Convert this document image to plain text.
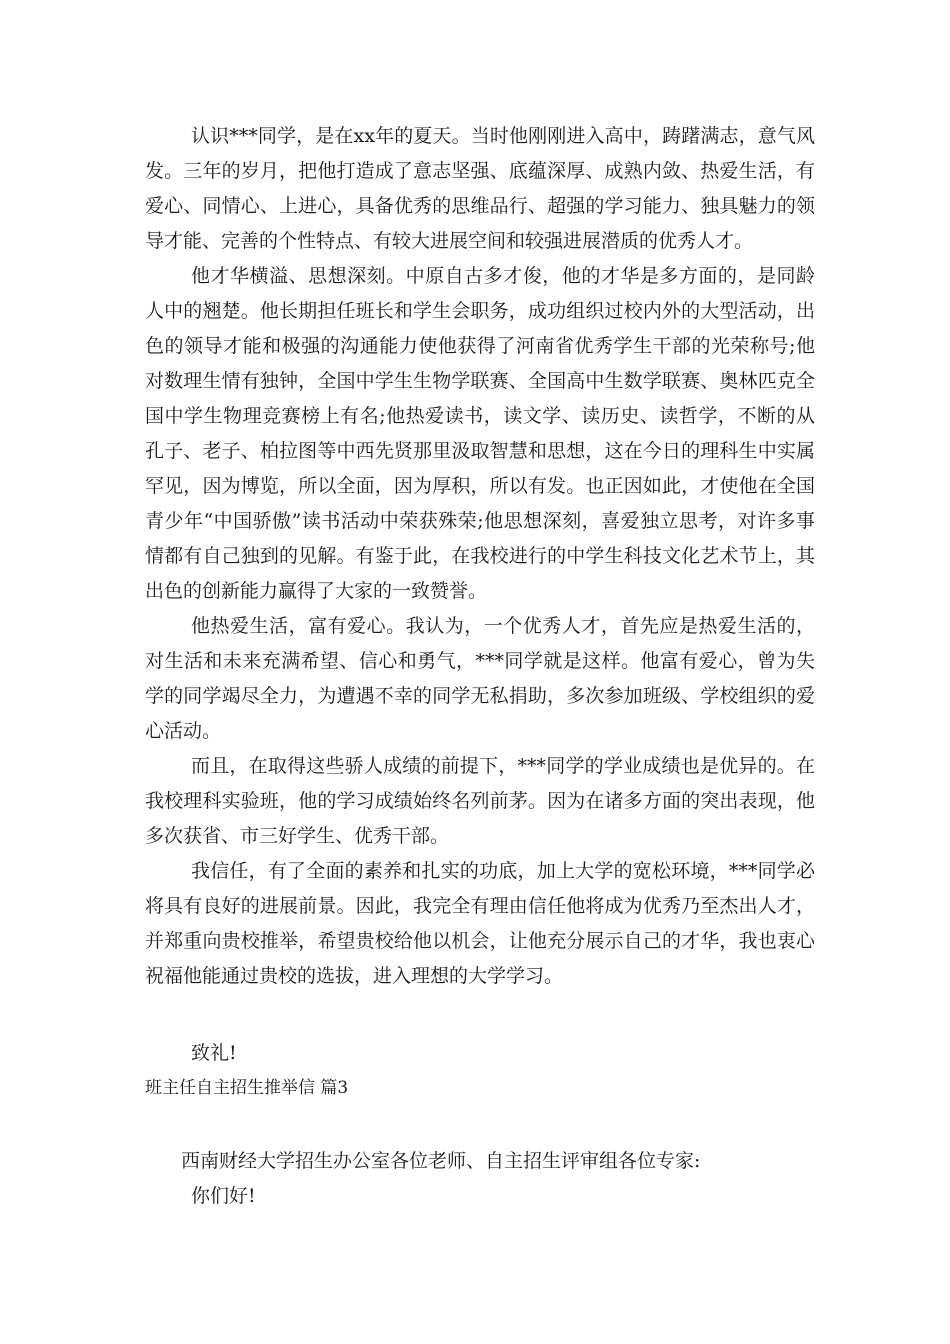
认识***同学，是在xx年的夏天。当时他刚刚进入高中，踌躇满志，意气风发。三年的岁月，把他打造成了意志坚强、底蕴深厚、成熟内敛、热爱生活，有爱心、同情心、上进心，具备优秀的思维品行、超强的学习能力、独具魅力的领导才能、完善的个性特点、有较大进展空间和较强进展潜质的优秀人才。

他才华横溢、思想深刻。中原自古多才俊，他的才华是多方面的，是同龄人中的翘楚。他长期担任班长和学生会职务，成功组织过校内外的大型活动，出色的领导才能和极强的沟通能力使他获得了河南省优秀学生干部的光荣称号;他对数理生情有独钟，全国中学生生物学联赛、全国高中生数学联赛、奥林匹克全国中学生物理竞赛榜上有名;他热爱读书，读文学、读历史、读哲学，不断的从孔子、老子、柏拉图等中西先贤那里汲取智慧和思想，这在今日的理科生中实属罕见，因为博览，所以全面，因为厚积，所以有发。也正因如此，才使他在全国青少年“中国骄傲”读书活动中荣获殊荣;他思想深刻，喜爱独立思考，对许多事情都有自己独到的见解。有鉴于此，在我校进行的中学生科技文化艺术节上，其出色的创新能力赢得了大家的一致赞誉。

他热爱生活，富有爱心。我认为，一个优秀人才，首先应是热爱生活的，对生活和未来充满希望、信心和勇气，***同学就是这样。他富有爱心，曾为失学的同学竭尽全力，为遭遇不幸的同学无私捐助，多次参加班级、学校组织的爱心活动。

而且，在取得这些骄人成绩的前提下，***同学的学业成绩也是优异的。在我校理科实验班，他的学习成绩始终名列前茅。因为在诸多方面的突出表现，他多次获省、市三好学生、优秀干部。

我信任，有了全面的素养和扎实的功底，加上大学的宽松环境，***同学必将具有良好的进展前景。因此，我完全有理由信任他将成为优秀乃至杰出人才，并郑重向贵校推举，希望贵校给他以机会，让他充分展示自己的才华，我也衷心祝福他能通过贵校的选拔，进入理想的大学学习。

致礼!

班主任自主招生推举信 篇3

西南财经大学招生办公室各位老师、自主招生评审组各位专家:

你们好!
